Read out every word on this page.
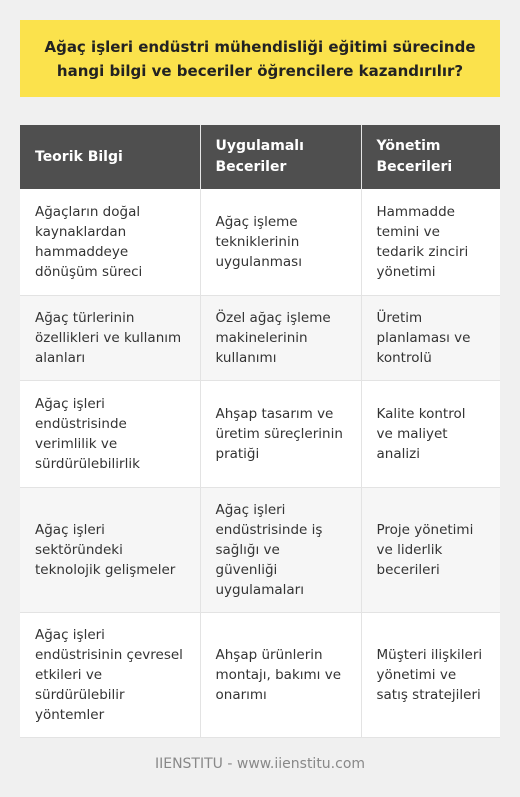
Ağaç işleri endüstri mühendisliği eğitimi sürecinde hangi bilgi ve beceriler öğrencilere kazandırılır?
Teorik Bilgi	Uygulamalı Beceriler	Yönetim Becerileri
Ağaçların doğal kaynaklardan hammaddeye dönüşüm süreci	Ağaç işleme tekniklerinin uygulanması	Hammadde temini ve tedarik zinciri yönetimi
Ağaç türlerinin özellikleri ve kullanım alanları	Özel ağaç işleme makinelerinin kullanımı	Üretim planlaması ve kontrolü
Ağaç işleri endüstrisinde verimlilik ve sürdürülebilirlik	Ahşap tasarım ve üretim süreçlerinin pratiği	Kalite kontrol ve maliyet analizi
Ağaç işleri sektöründeki teknolojik gelişmeler	Ağaç işleri endüstrisinde iş sağlığı ve güvenliği uygulamaları	Proje yönetimi ve liderlik becerileri
Ağaç işleri endüstrisinin çevresel etkileri ve sürdürülebilir yöntemler	Ahşap ürünlerin montajı, bakımı ve onarımı	Müşteri ilişkileri yönetimi ve satış stratejileri
IIENSTITU - www.iienstitu.com
